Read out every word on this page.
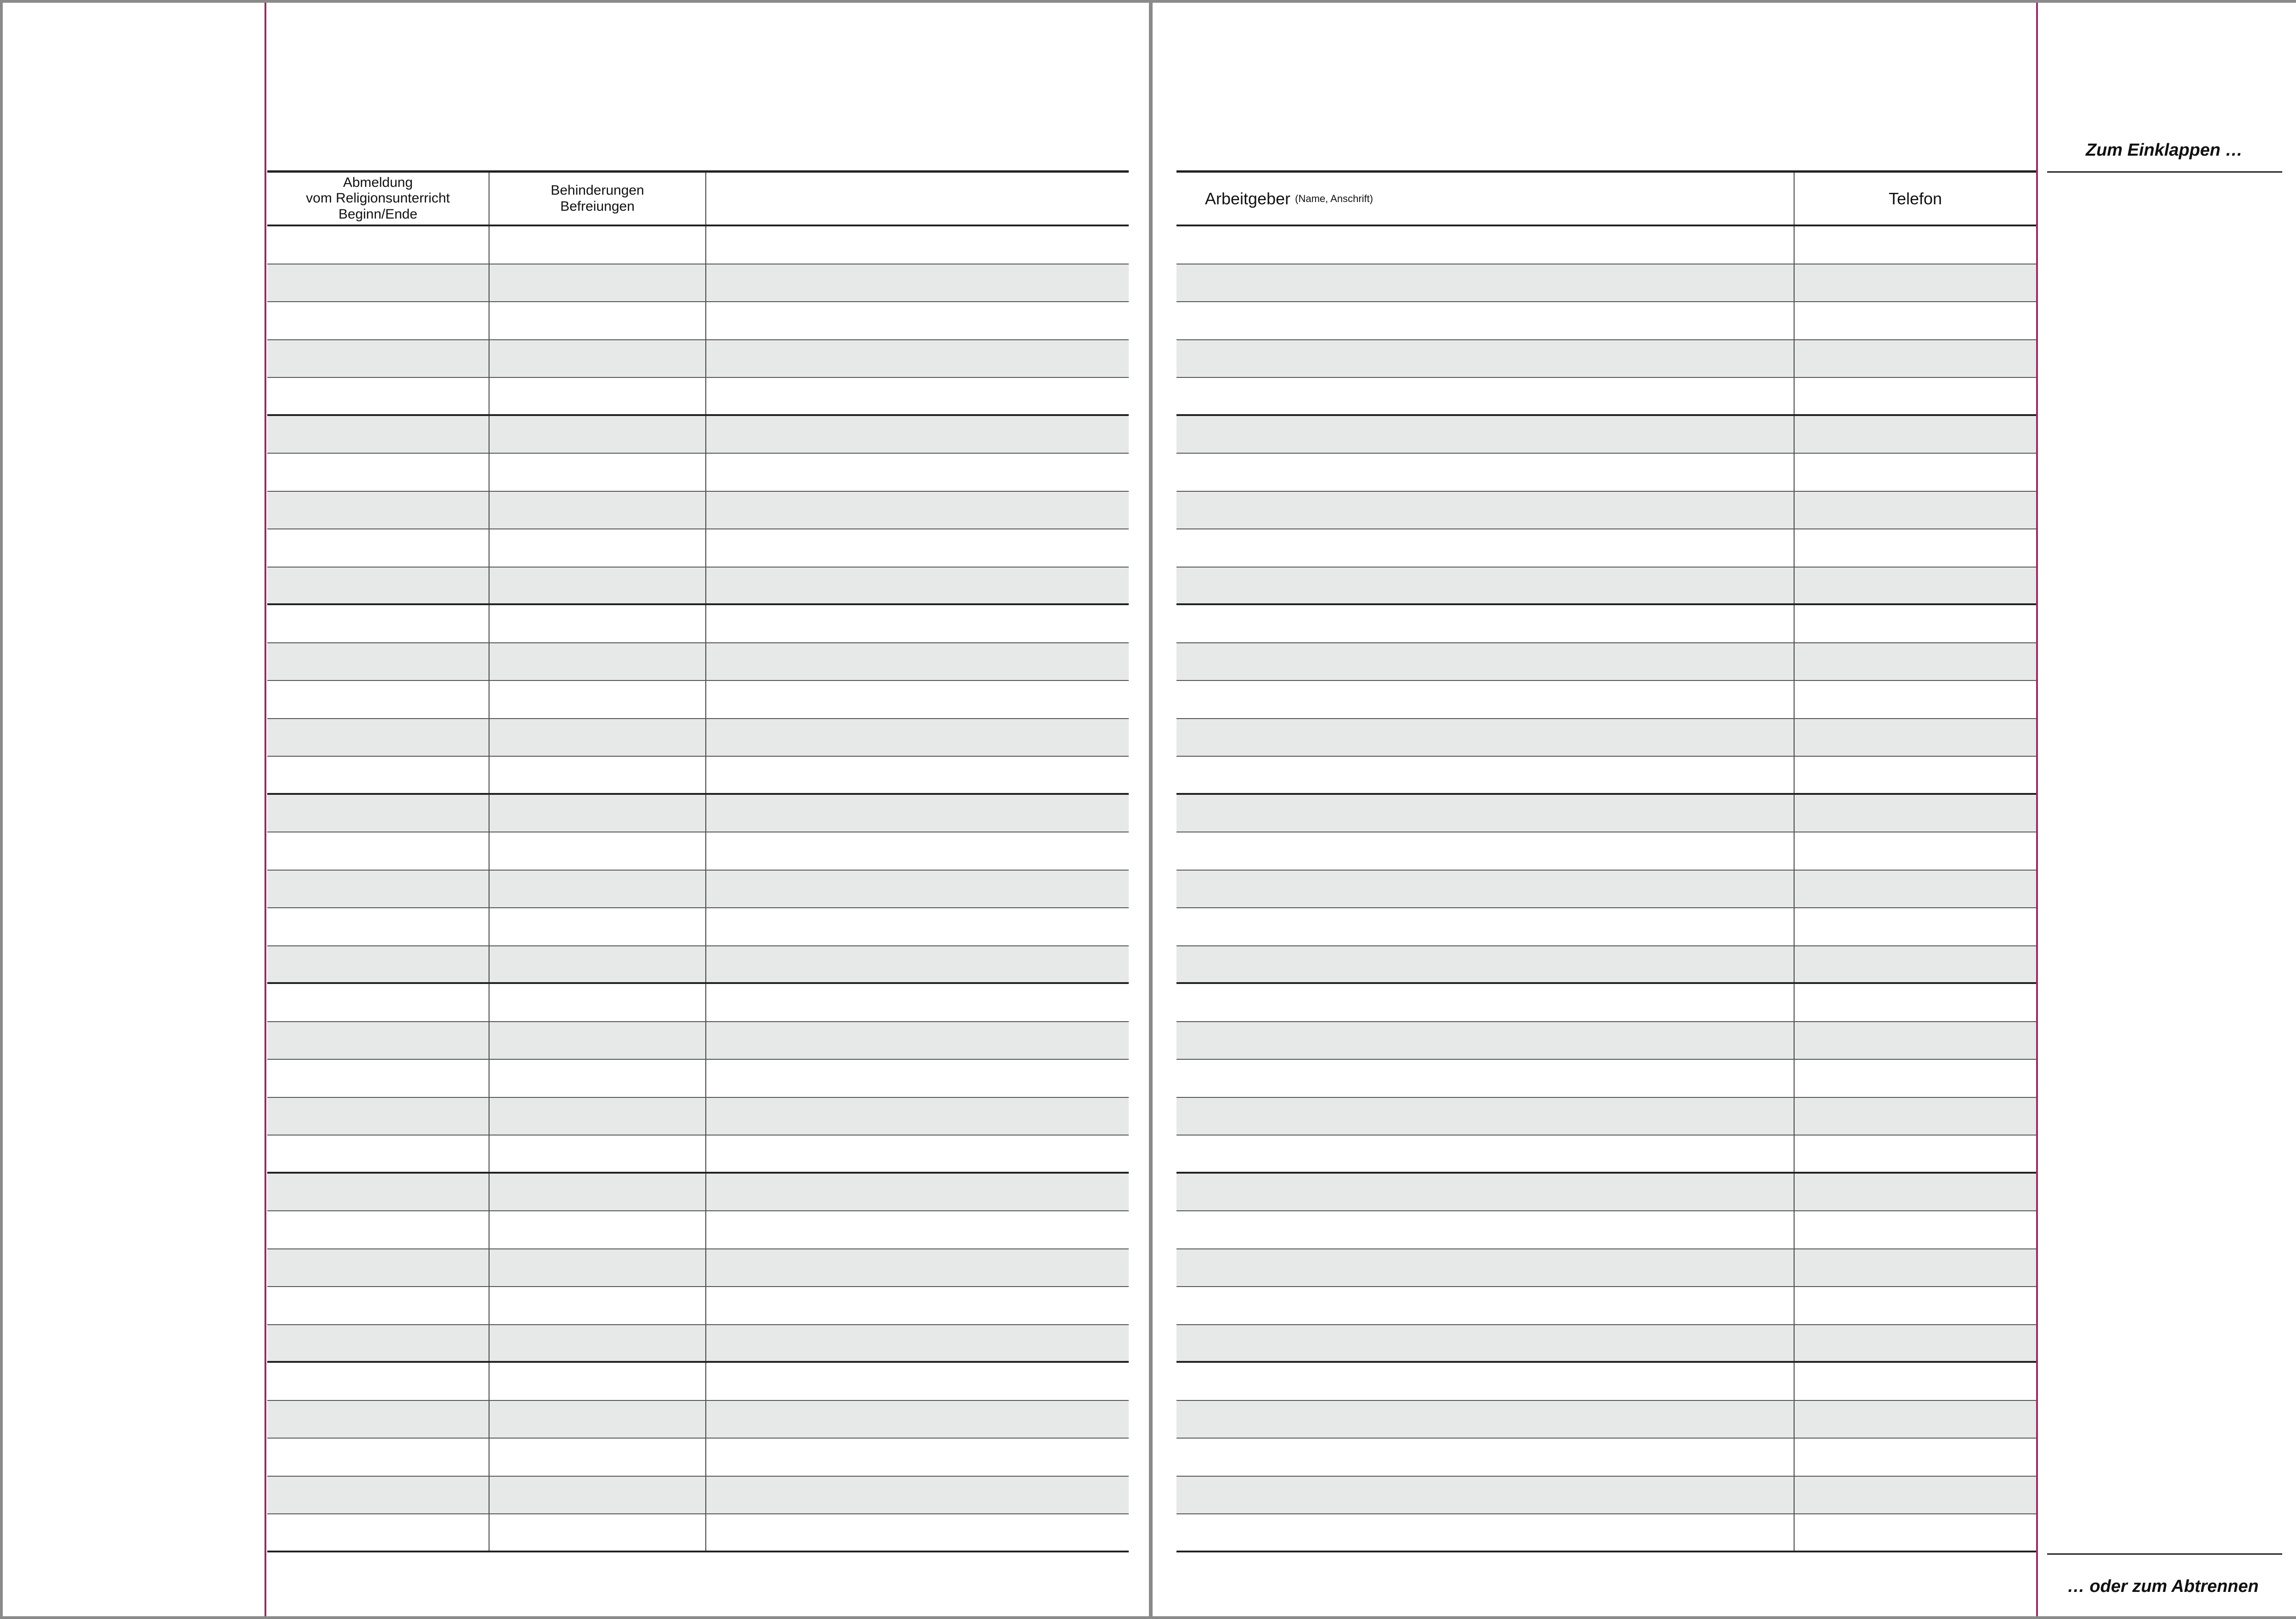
Abmeldung
vom Religionsunterricht
Beginn/Ende
Behinderungen
Befreiungen	Arbeitgeber
(Name, Anschrift)	Telefon
Zum Einklappen …
… oder zum Abtrennen
